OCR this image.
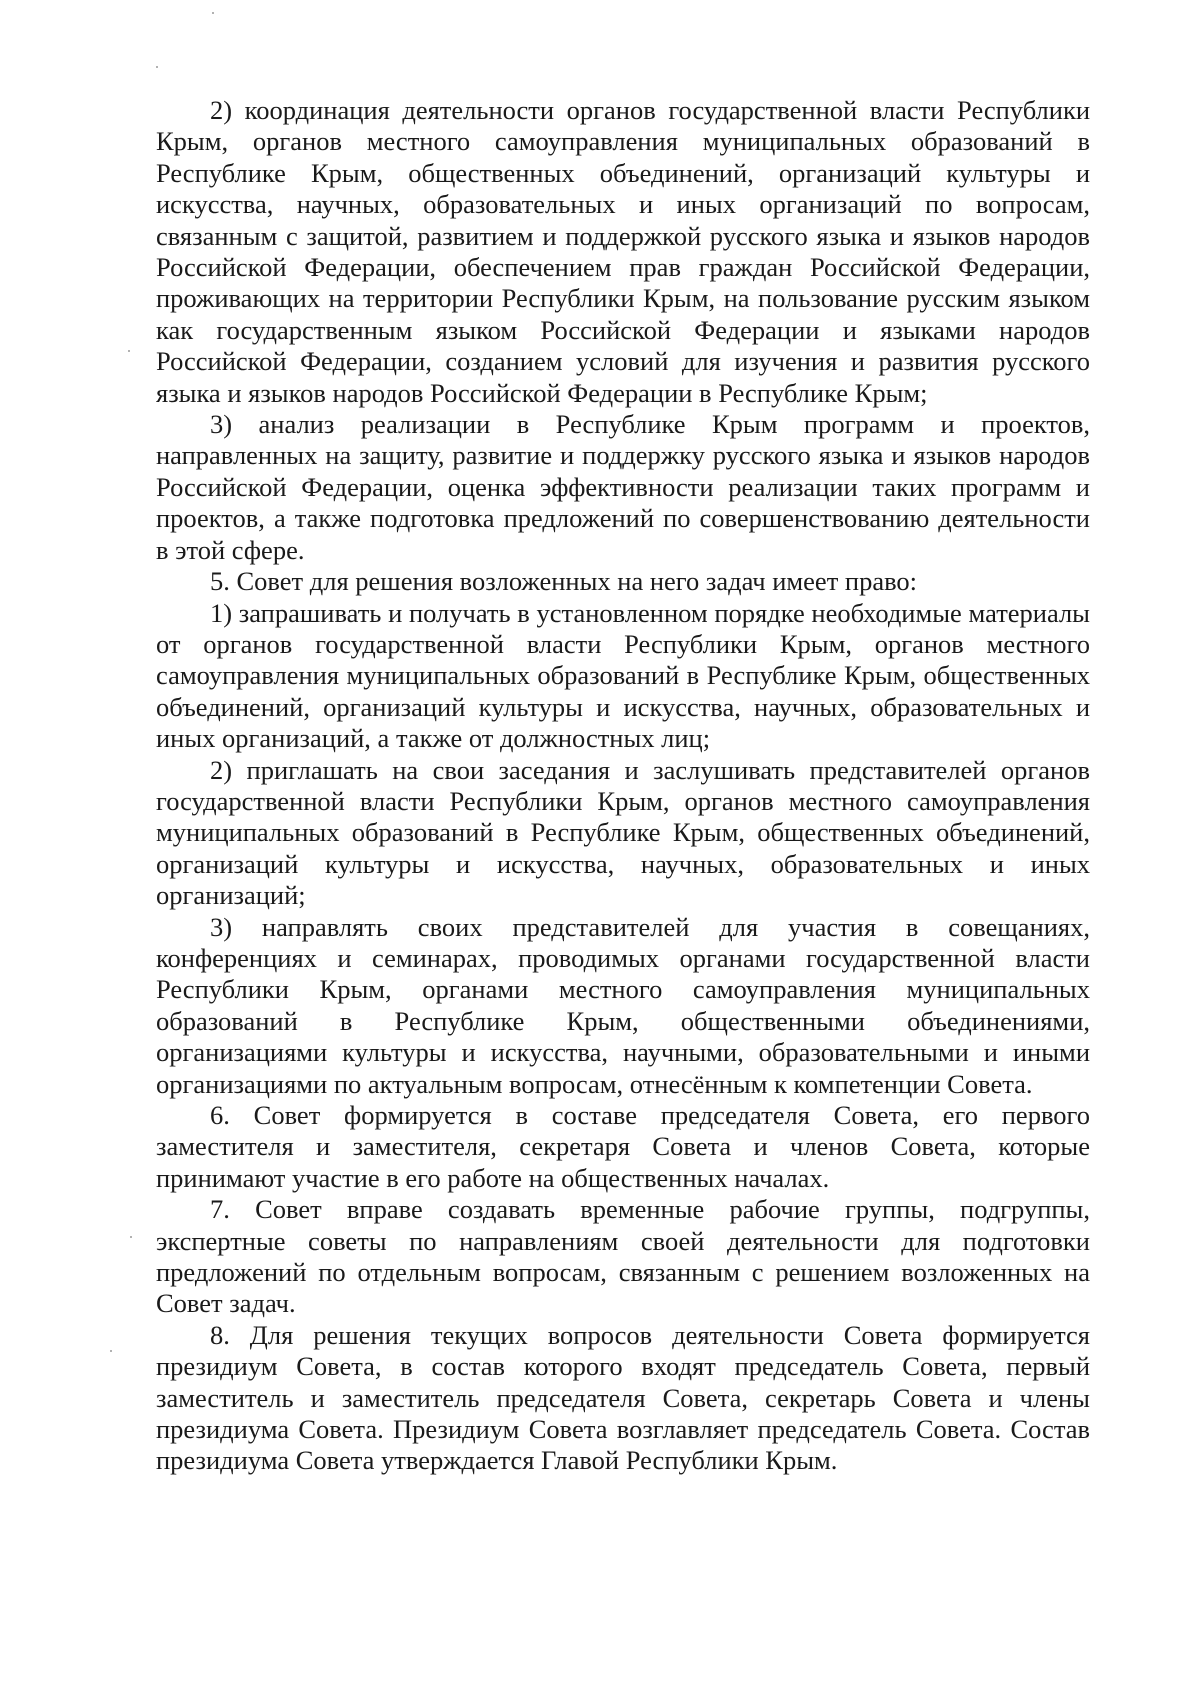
2) координация деятельности органов государственной власти Республики Крым, органов местного самоуправления муниципальных образований в Республике Крым, общественных объединений, организаций культуры и искусства, научных, образовательных и иных организаций по вопросам, связанным с защитой, развитием и поддержкой русского языка и языков народов Российской Федерации, обеспечением прав граждан Российской Федерации, проживающих на территории Республики Крым, на пользование русским языком как государственным языком Российской Федерации и языками народов Российской Федерации, созданием условий для изучения и развития русского языка и языков народов Российской Федерации в Республике Крым;

3) анализ реализации в Республике Крым программ и проектов, направленных на защиту, развитие и поддержку русского языка и языков народов Российской Федерации, оценка эффективности реализации таких программ и проектов, а также подготовка предложений по совершенствованию деятельности в этой сфере.

5. Совет для решения возложенных на него задач имеет право:

1) запрашивать и получать в установленном порядке необходимые материалы от органов государственной власти Республики Крым, органов местного самоуправления муниципальных образований в Республике Крым, общественных объединений, организаций культуры и искусства, научных, образовательных и иных организаций, а также от должностных лиц;

2) приглашать на свои заседания и заслушивать представителей органов государственной власти Республики Крым, органов местного самоуправления муниципальных образований в Республике Крым, общественных объединений, организаций культуры и искусства, научных, образовательных и иных организаций;

3) направлять своих представителей для участия в совещаниях, конференциях и семинарах, проводимых органами государственной власти Республики Крым, органами местного самоуправления муниципальных образований в Республике Крым, общественными объединениями, организациями культуры и искусства, научными, образовательными и иными организациями по актуальным вопросам, отнесённым к компетенции Совета.

6. Совет формируется в составе председателя Совета, его первого заместителя и заместителя, секретаря Совета и членов Совета, которые принимают участие в его работе на общественных началах.

7. Совет вправе создавать временные рабочие группы, подгруппы, экспертные советы по направлениям своей деятельности для подготовки предложений по отдельным вопросам, связанным с решением возложенных на Совет задач.

8. Для решения текущих вопросов деятельности Совета формируется президиум Совета, в состав которого входят председатель Совета, первый заместитель и заместитель председателя Совета, секретарь Совета и члены президиума Совета. Президиум Совета возглавляет председатель Совета. Состав президиума Совета утверждается Главой Республики Крым.
